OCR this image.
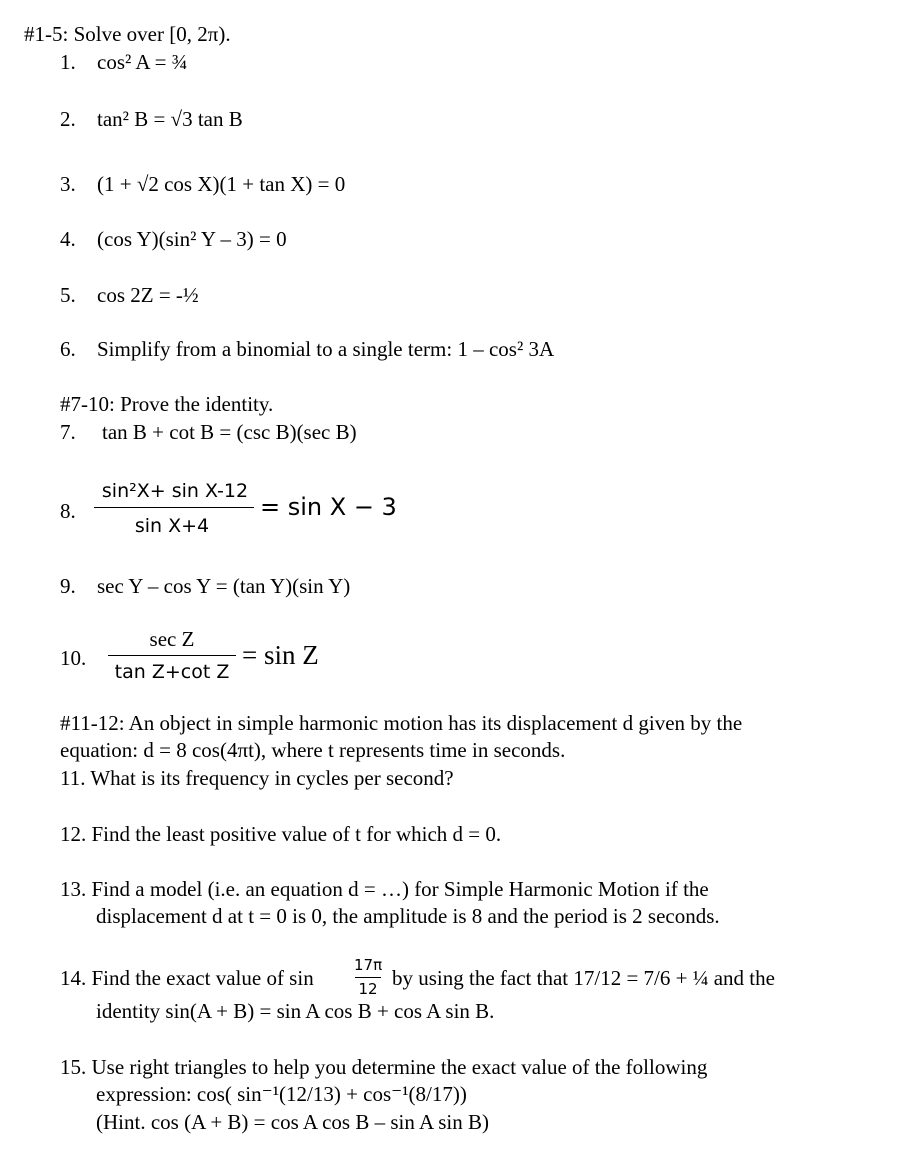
#1-5: Solve over [0, 2π).
1. cos² A = ¾
2. tan² B = √3 tan B
3. (1 + √2 cos X)(1 + tan X) = 0
4. (cos Y)(sin² Y – 3) = 0
5. cos 2Z = -½
6. Simplify from a binomial to a single term: 1 – cos² 3A
#7-10: Prove the identity.
7. tan B + cot B = (csc B)(sec B)
8.
sin²X+ sin X-12
sin X+4
= sin X − 3
9. sec Y – cos Y = (tan Y)(sin Y)
10.
sec Z
tan Z+cot Z
= sin Z
#11-12: An object in simple harmonic motion has its displacement d given by the
equation: d = 8 cos(4πt), where t represents time in seconds.
11. What is its frequency in cycles per second?
12. Find the least positive value of t for which d = 0.
13. Find a model (i.e. an equation d = …) for Simple Harmonic Motion if the
displacement d at t = 0 is 0, the amplitude is 8 and the period is 2 seconds.
14. Find the exact value of sin
17π
12 by using the fact that 17/12 = 7/6 + ¼ and the
identity sin(A + B) = sin A cos B + cos A sin B.
15. Use right triangles to help you determine the exact value of the following
expression: cos( sin⁻¹(12/13) + cos⁻¹(8/17))
(Hint. cos (A + B) = cos A cos B – sin A sin B)
